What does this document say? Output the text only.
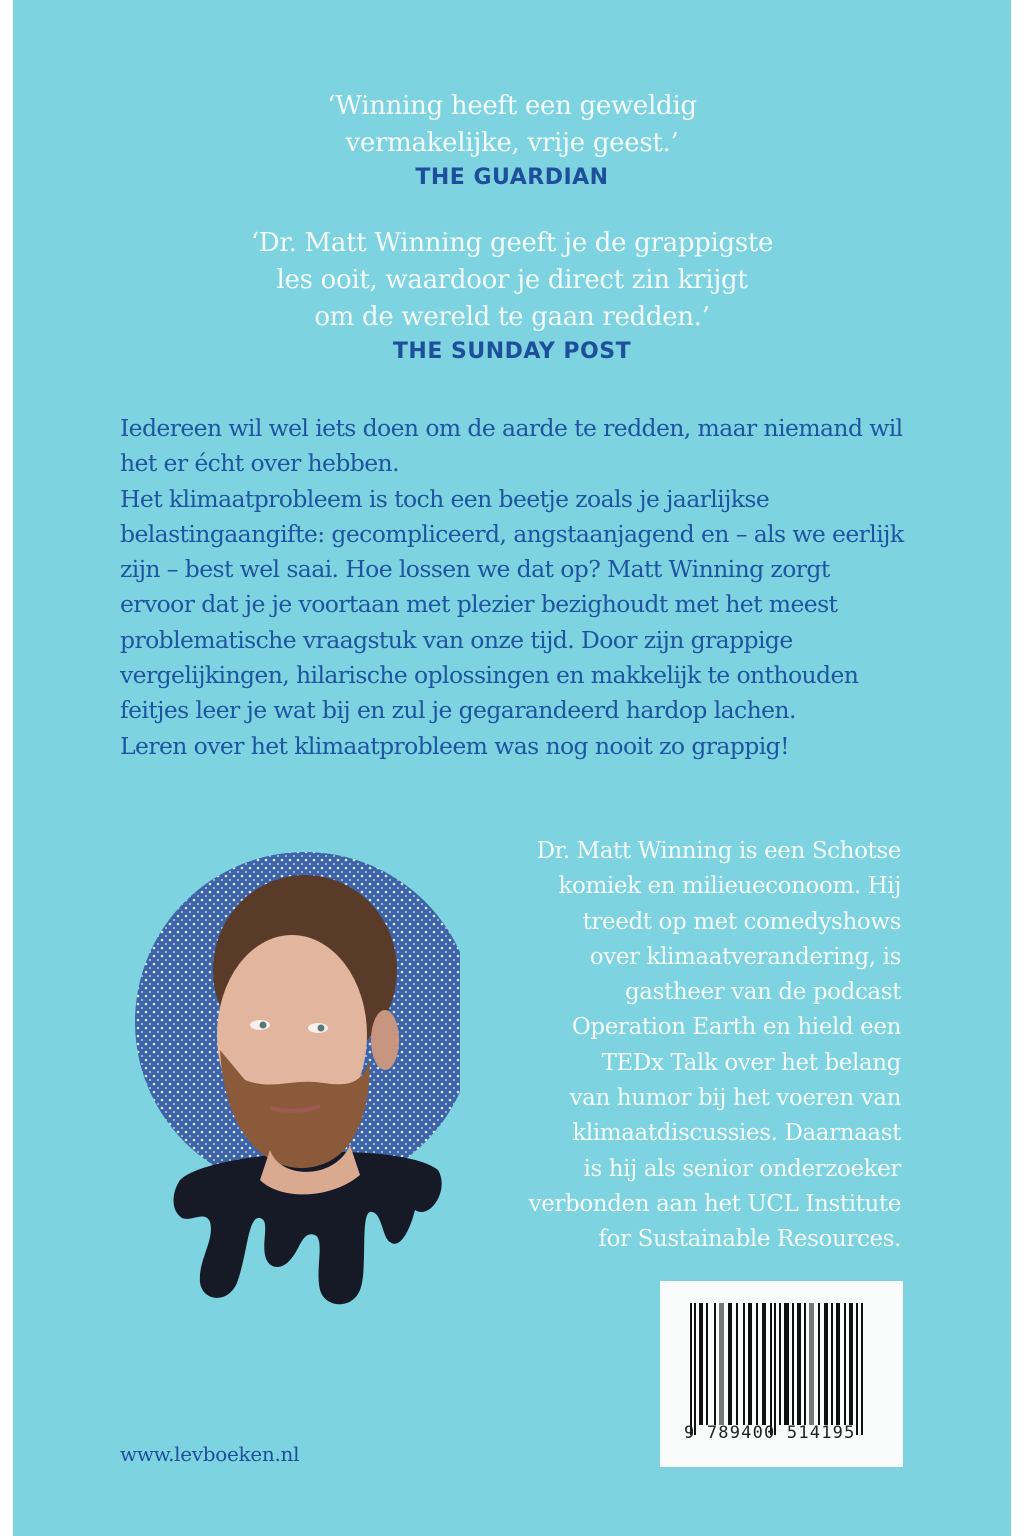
‘Winning heeft een geweldig
vermakelijke, vrije geest.’
THE GUARDIAN
‘Dr. Matt Winning geeft je de grappigste
les ooit, waardoor je direct zin krijgt
om de wereld te gaan redden.’
THE SUNDAY POST

Iedereen wil wel iets doen om de aarde te redden, maar niemand wil het er écht over hebben.

Het klimaatprobleem is toch een beetje zoals je jaarlijkse belastingaangifte: gecompliceerd, angstaanjagend en – als we eerlijk zijn – best wel saai. Hoe lossen we dat op? Matt Winning zorgt ervoor dat je je voortaan met plezier bezighoudt met het meest problematische vraagstuk van onze tijd. Door zijn grappige vergelijkingen, hilarische oplossingen en makkelijk te onthouden feitjes leer je wat bij en zul je gegarandeerd hardop lachen.

Leren over het klimaatprobleem was nog nooit zo grappig!

Dr. Matt Winning is een Schotse
komiek en milieueconoom. Hij
treedt op met comedyshows
over klimaatverandering, is
gastheer van de podcast
Operation Earth en hield een
TEDx Talk over het belang
van humor bij het voeren van
klimaatdiscussies. Daarnaast
is hij als senior onderzoeker
verbonden aan het UCL Institute
for Sustainable Resources.
9 789400 514195
www.levboeken.nl
